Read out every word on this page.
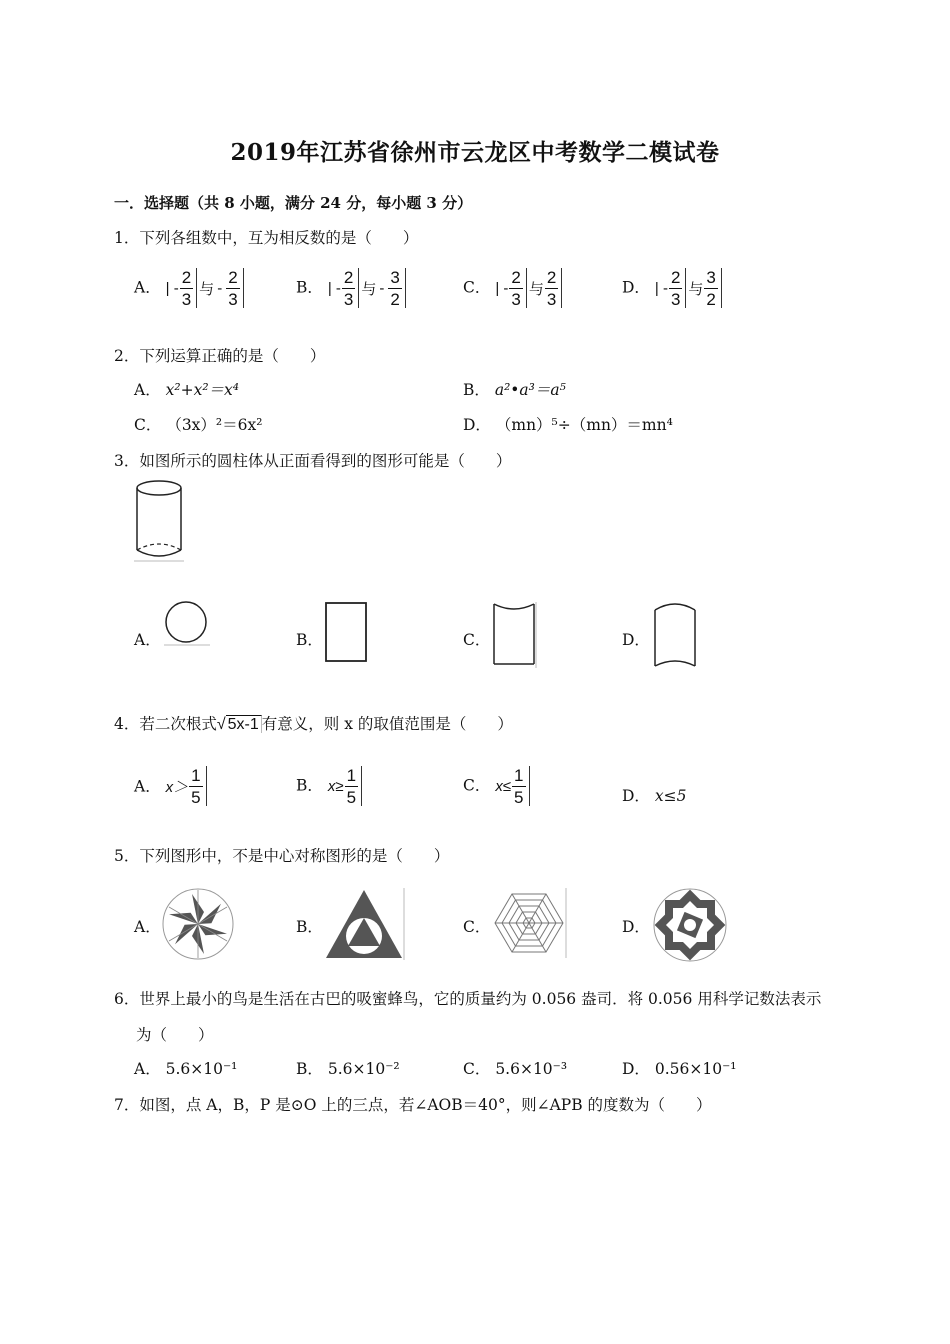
2019年江苏省徐州市云龙区中考数学二模试卷
一．选择题（共 8 小题，满分 24 分，每小题 3 分）
1．下列各组数中，互为相反数的是（　　）
A． | - $\frac{2}{3}$ 与 - $\frac{2}{3}$	B． | - $\frac{2}{3}$ 与 - $\frac{3}{2}$	C． | - $\frac{2}{3}$ 与 $\frac{2}{3}$	D． | - $\frac{2}{3}$ 与 $\frac{3}{2}$
2．下列运算正确的是（　　）
A． x²+x²＝x⁴	B． a²•a³＝a⁵
C． （3x）²＝6x²	D． （mn）⁵÷（mn）＝mn⁴
3．如图所示的圆柱体从正面看得到的图形可能是（　　）
A．	B．	C．	D．
4．若二次根式√ 5x-1 有意义，则 x 的取值范围是（　　）
A． $x> \frac{1}{5}$	B． $x\ge \frac{1}{5}$	C． $x\le \frac{1}{5}$	D． x≤5
5．下列图形中，不是中心对称图形的是（　　）
A．	B．	C．	D．
6．世界上最小的鸟是生活在古巴的吸蜜蜂鸟，它的质量约为 0.056 盎司．将 0.056 用科学记数法表示
为（　　）
A． 5.6×10⁻¹	B． 5.6×10⁻²	C． 5.6×10⁻³	D． 0.56×10⁻¹
7．如图，点 A，B，P 是⊙O 上的三点，若∠AOB＝40°，则∠APB 的度数为（　　）
